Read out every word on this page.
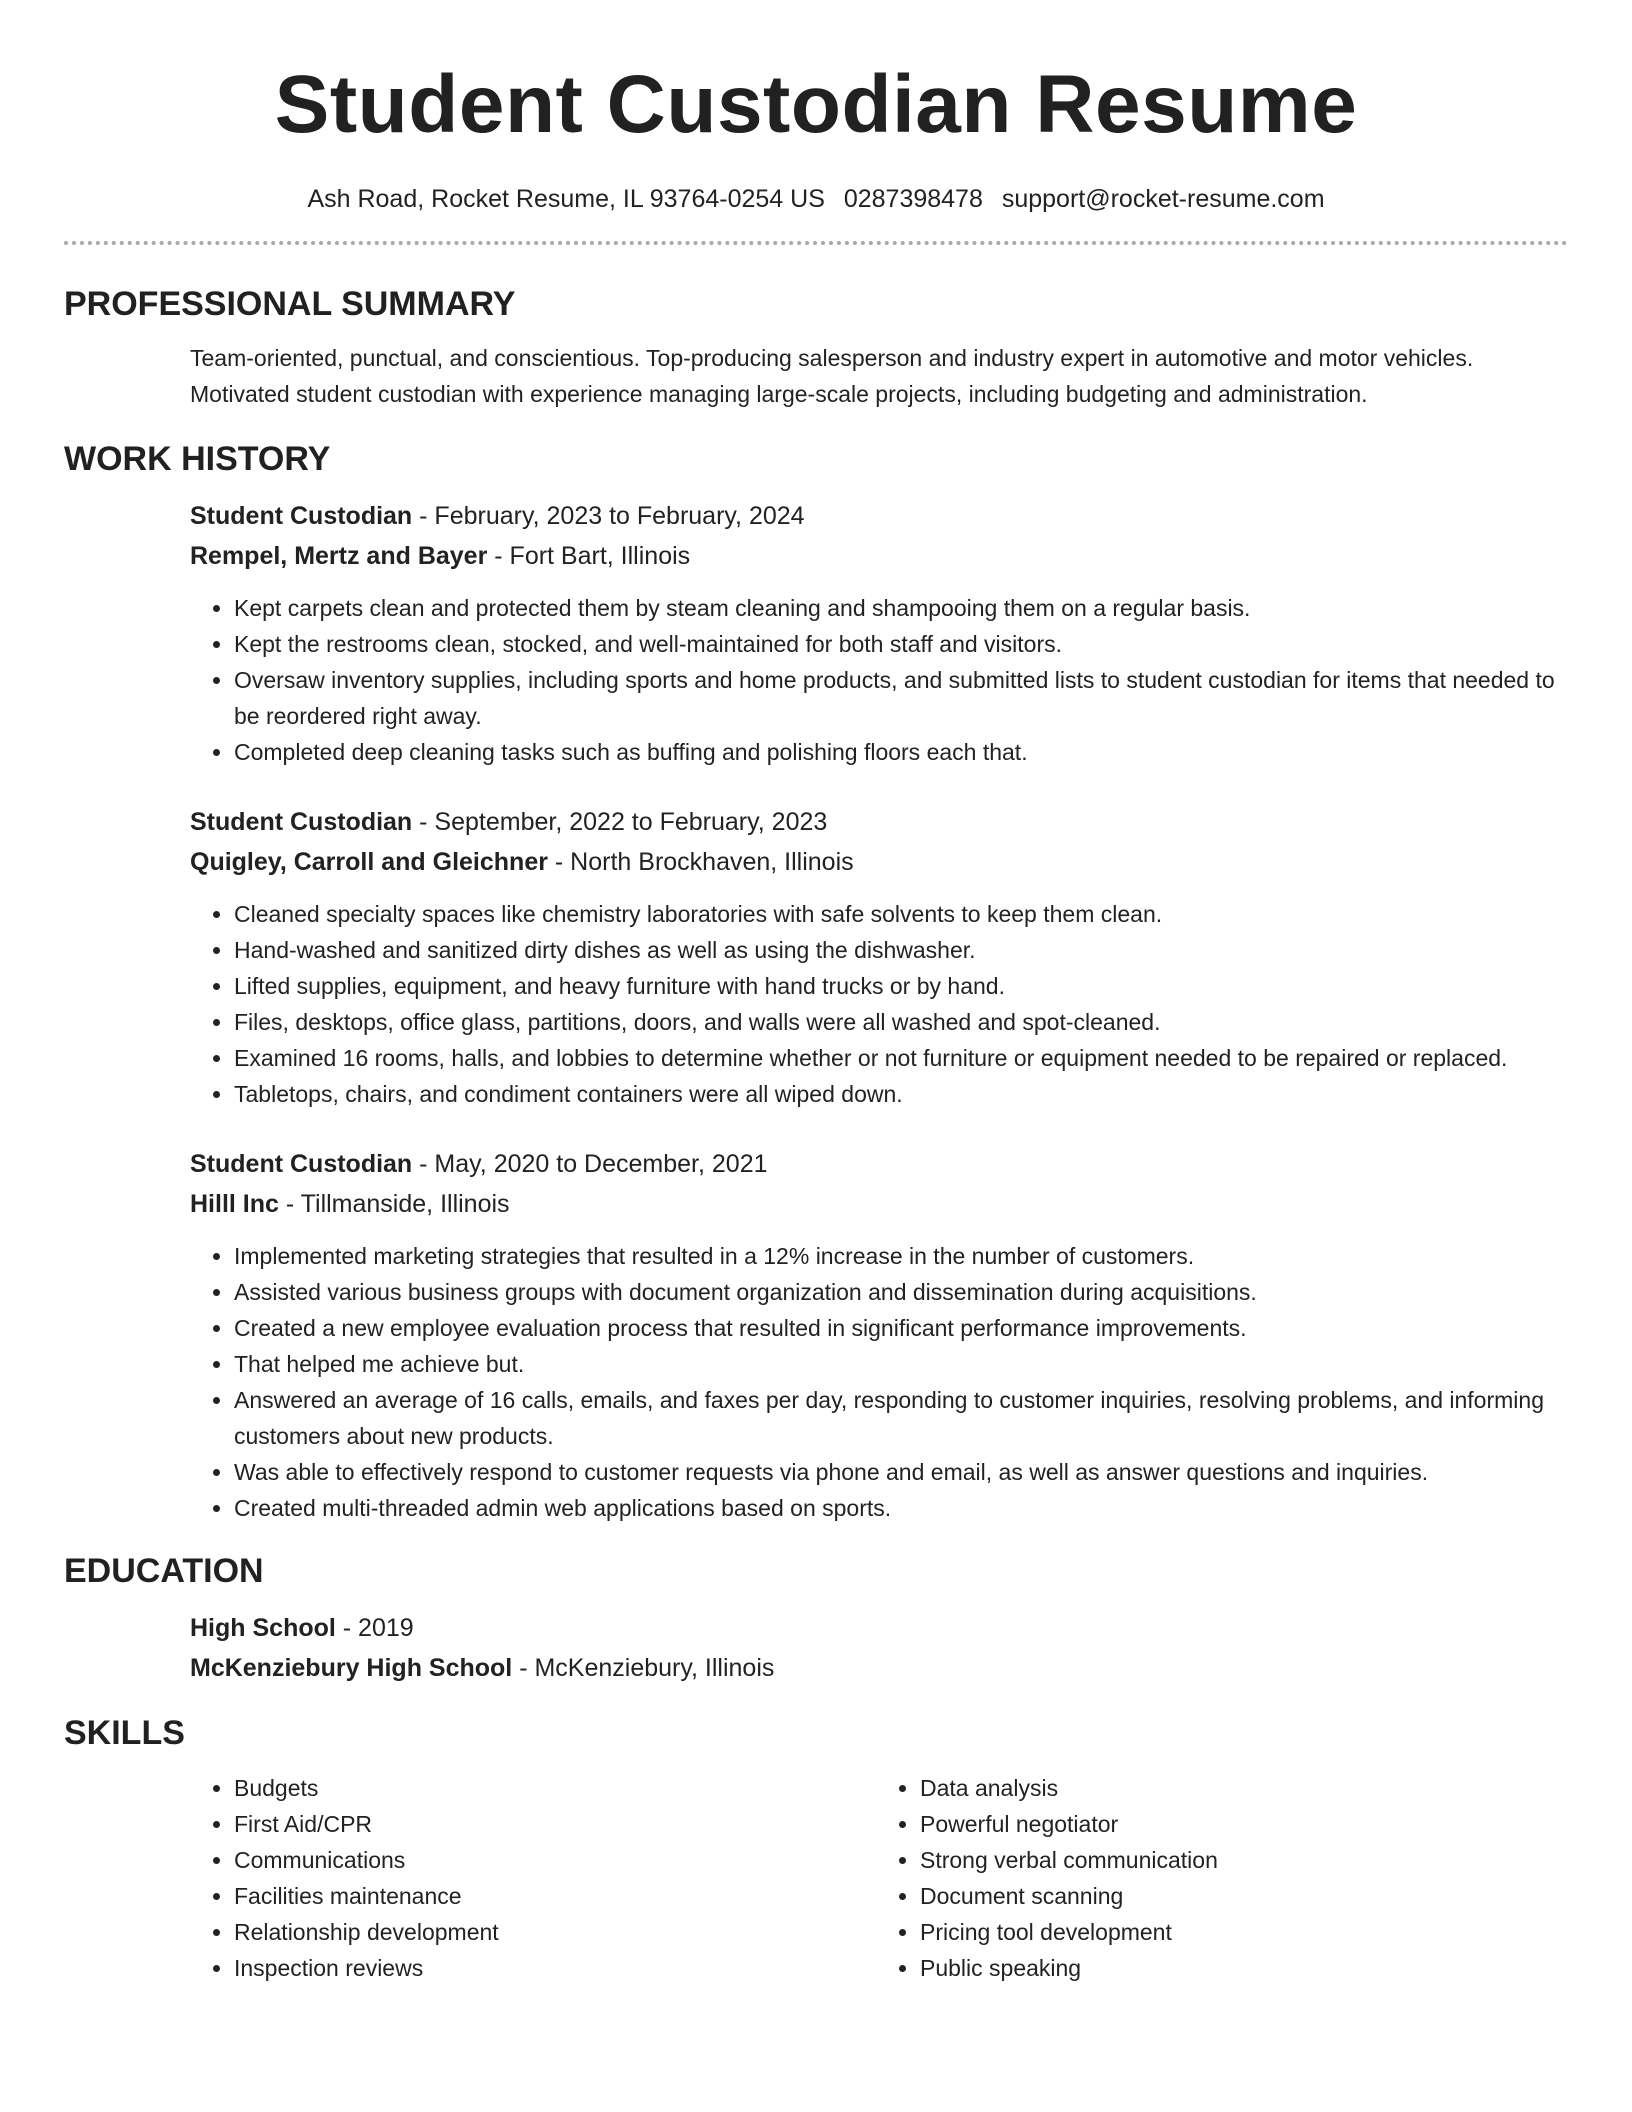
Student Custodian Resume
Ash Road, Rocket Resume, IL 93764-0254 US 0287398478 support@rocket-resume.com
PROFESSIONAL SUMMARY

Team-oriented, punctual, and conscientious. Top-producing salesperson and industry expert in automotive and motor vehicles. Motivated student custodian with experience managing large-scale projects, including budgeting and administration.

WORK HISTORY
Student Custodian - February, 2023 to February, 2024
Rempel, Mertz and Bayer - Fort Bart, Illinois
• Kept carpets clean and protected them by steam cleaning and shampooing them on a regular basis.
• Kept the restrooms clean, stocked, and well-maintained for both staff and visitors.
• Oversaw inventory supplies, including sports and home products, and submitted lists to student custodian for items that needed to be reordered right away.
• Completed deep cleaning tasks such as buffing and polishing floors each that.
Student Custodian - September, 2022 to February, 2023
Quigley, Carroll and Gleichner - North Brockhaven, Illinois
• Cleaned specialty spaces like chemistry laboratories with safe solvents to keep them clean.
• Hand-washed and sanitized dirty dishes as well as using the dishwasher.
• Lifted supplies, equipment, and heavy furniture with hand trucks or by hand.
• Files, desktops, office glass, partitions, doors, and walls were all washed and spot-cleaned.
• Examined 16 rooms, halls, and lobbies to determine whether or not furniture or equipment needed to be repaired or replaced.
• Tabletops, chairs, and condiment containers were all wiped down.
Student Custodian - May, 2020 to December, 2021
Hilll Inc - Tillmanside, Illinois
• Implemented marketing strategies that resulted in a 12% increase in the number of customers.
• Assisted various business groups with document organization and dissemination during acquisitions.
• Created a new employee evaluation process that resulted in significant performance improvements.
• That helped me achieve but.
• Answered an average of 16 calls, emails, and faxes per day, responding to customer inquiries, resolving problems, and informing customers about new products.
• Was able to effectively respond to customer requests via phone and email, as well as answer questions and inquiries.
• Created multi-threaded admin web applications based on sports.
EDUCATION
High School - 2019
McKenziebury High School - McKenziebury, Illinois
SKILLS
• Budgets
• First Aid/CPR
• Communications
• Facilities maintenance
• Relationship development
• Inspection reviews
• Data analysis
• Powerful negotiator
• Strong verbal communication
• Document scanning
• Pricing tool development
• Public speaking
